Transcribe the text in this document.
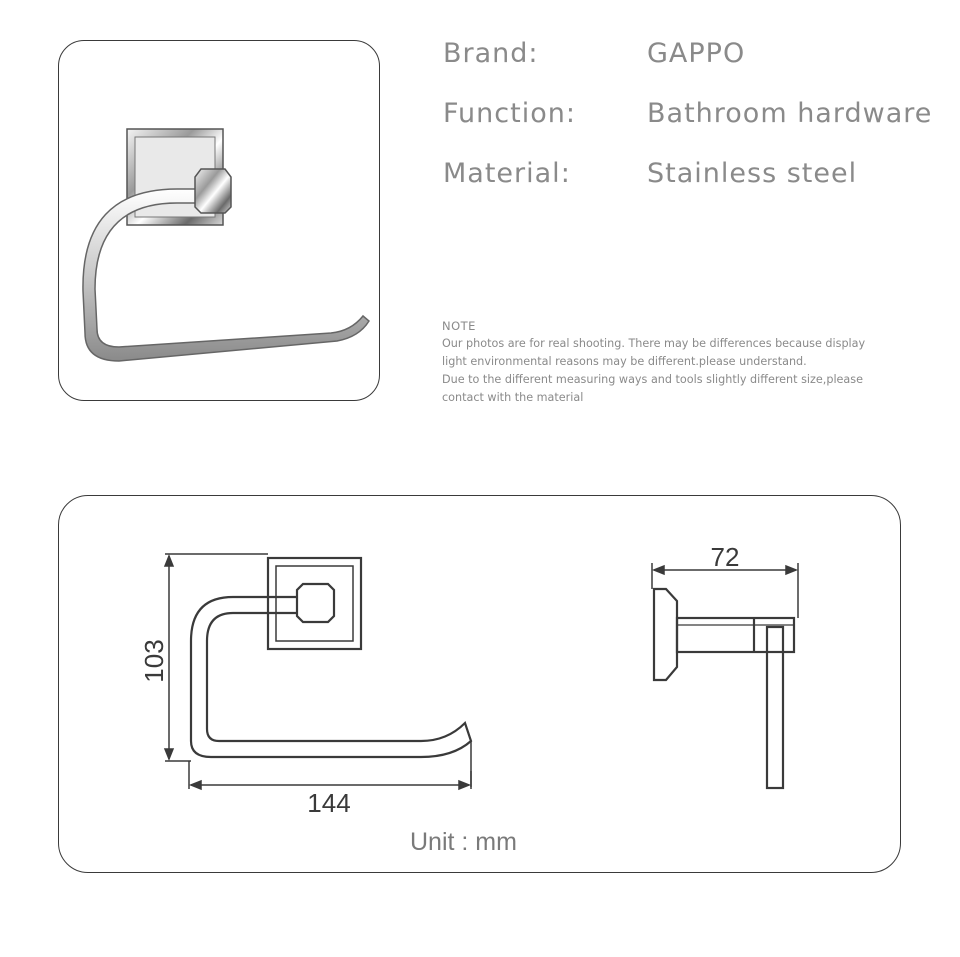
Brand:	GAPPO
Function:	Bathroom hardware
Material:	Stainless steel
NOTE
Our photos are for real shooting. There may be differences because display
light environmental reasons may be different.please understand.
Due to the different measuring ways and tools slightly different size,please
contact with the material
103
144
72
Unit : mm
